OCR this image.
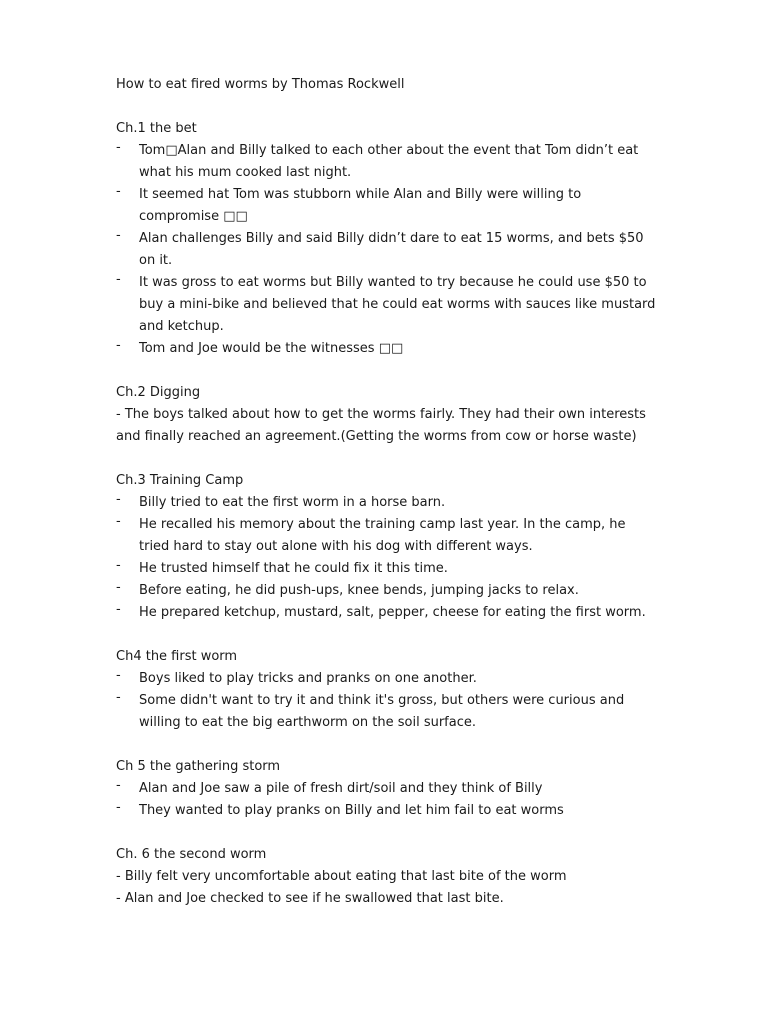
How to eat fired worms by Thomas Rockwell
Ch.1 the bet
- Tom□Alan and Billy talked to each other about the event that Tom didn’t eat what his mum cooked last night.
- It seemed hat Tom was stubborn while Alan and Billy were willing to compromise □□
- Alan challenges Billy and said Billy didn’t dare to eat 15 worms, and bets $50 on it.
- It was gross to eat worms but Billy wanted to try because he could use $50 to buy a mini-bike and believed that he could eat worms with sauces like mustard and ketchup.
- Tom and Joe would be the witnesses □□
Ch.2 Digging
- The boys talked about how to get the worms fairly. They had their own interests and finally reached an agreement.(Getting the worms from cow or horse waste)
Ch.3 Training Camp
- Billy tried to eat the first worm in a horse barn.
- He recalled his memory about the training camp last year. In the camp, he tried hard to stay out alone with his dog with different ways.
- He trusted himself that he could fix it this time.
- Before eating, he did push-ups, knee bends, jumping jacks to relax.
- He prepared ketchup, mustard, salt, pepper, cheese for eating the first worm.
Ch4 the first worm
- Boys liked to play tricks and pranks on one another.
- Some didn't want to try it and think it's gross, but others were curious and willing to eat the big earthworm on the soil surface.
Ch 5 the gathering storm
- Alan and Joe saw a pile of fresh dirt/soil and they think of Billy
- They wanted to play pranks on Billy and let him fail to eat worms
Ch. 6 the second worm
- Billy felt very uncomfortable about eating that last bite of the worm
- Alan and Joe checked to see if he swallowed that last bite.
